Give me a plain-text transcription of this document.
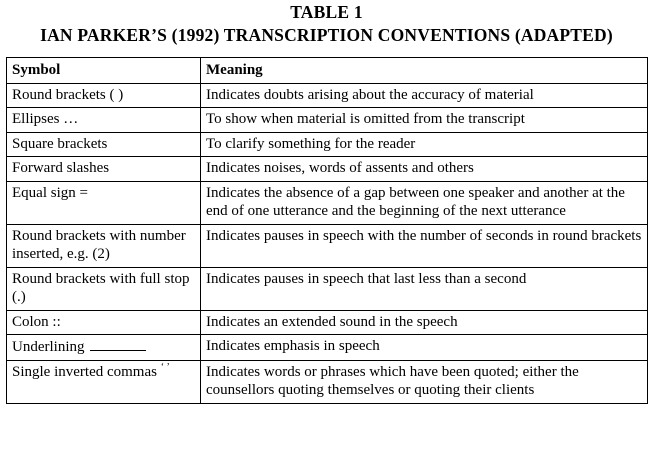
TABLE 1
IAN PARKER’S (1992) TRANSCRIPTION CONVENTIONS (ADAPTED)
Symbol	Meaning
Round brackets ( )	Indicates doubts arising about the accuracy of material
Ellipses …	To show when material is omitted from the transcript
Square brackets	To clarify something for the reader
Forward slashes	Indicates noises, words of assents and others
Equal sign =	Indicates the absence of a gap between one speaker and another at the end of one utterance and the beginning of the next utterance
Round brackets with number inserted, e.g. (2)	Indicates pauses in speech with the number of seconds in round brackets
Round brackets with full stop (.)	Indicates pauses in speech that last less than a second
Colon ::	Indicates an extended sound in the speech
Underlining	Indicates emphasis in speech
Single inverted commas ‘ ’	Indicates words or phrases which have been quoted; either the counsellors quoting themselves or quoting their clients
